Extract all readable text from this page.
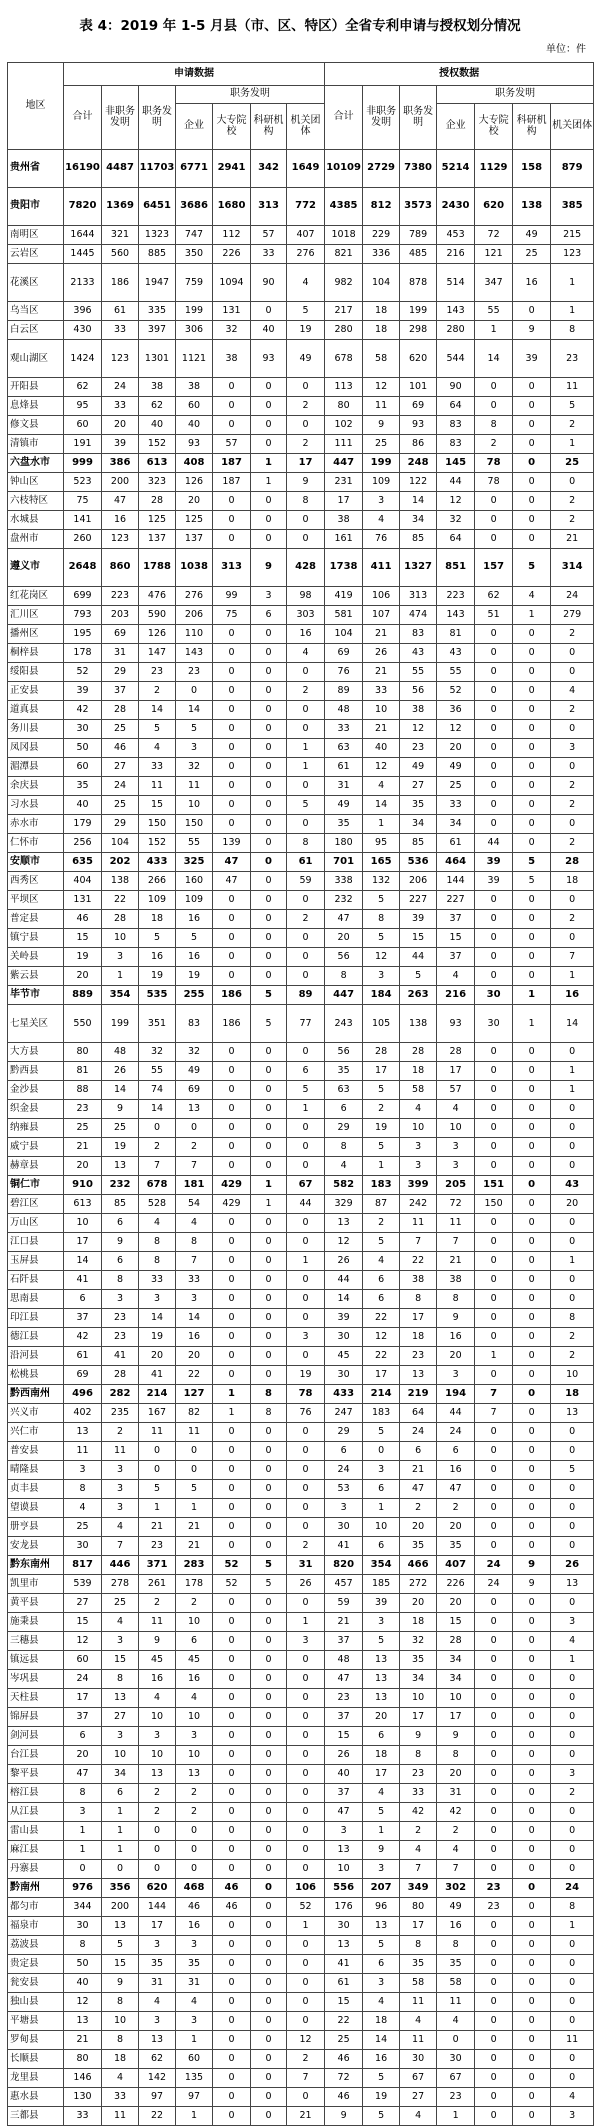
表 4：2019 年 1-5 月县（市、区、特区）全省专利申请与授权划分情况
单位：件
地区	申请数据							授权数据						
	合计	非职务发明	职务发明	职务发明				合计	非职务发明	职务发明	职务发明			
				企业	大专院校	科研机构	机关团体				企业	大专院校	科研机构	机关团体
贵州省	16190	4487	11703	6771	2941	342	1649	10109	2729	7380	5214	1129	158	879
贵阳市	7820	1369	6451	3686	1680	313	772	4385	812	3573	2430	620	138	385
南明区	1644	321	1323	747	112	57	407	1018	229	789	453	72	49	215
云岩区	1445	560	885	350	226	33	276	821	336	485	216	121	25	123
花溪区	2133	186	1947	759	1094	90	4	982	104	878	514	347	16	1
乌当区	396	61	335	199	131	0	5	217	18	199	143	55	0	1
白云区	430	33	397	306	32	40	19	280	18	298	280	1	9	8
观山湖区	1424	123	1301	1121	38	93	49	678	58	620	544	14	39	23
开阳县	62	24	38	38	0	0	0	113	12	101	90	0	0	11
息烽县	95	33	62	60	0	0	2	80	11	69	64	0	0	5
修文县	60	20	40	40	0	0	0	102	9	93	83	8	0	2
清镇市	191	39	152	93	57	0	2	111	25	86	83	2	0	1
六盘水市	999	386	613	408	187	1	17	447	199	248	145	78	0	25
钟山区	523	200	323	126	187	1	9	231	109	122	44	78	0	0
六枝特区	75	47	28	20	0	0	8	17	3	14	12	0	0	2
水城县	141	16	125	125	0	0	0	38	4	34	32	0	0	2
盘州市	260	123	137	137	0	0	0	161	76	85	64	0	0	21
遵义市	2648	860	1788	1038	313	9	428	1738	411	1327	851	157	5	314
红花岗区	699	223	476	276	99	3	98	419	106	313	223	62	4	24
汇川区	793	203	590	206	75	6	303	581	107	474	143	51	1	279
播州区	195	69	126	110	0	0	16	104	21	83	81	0	0	2
桐梓县	178	31	147	143	0	0	4	69	26	43	43	0	0	0
绥阳县	52	29	23	23	0	0	0	76	21	55	55	0	0	0
正安县	39	37	2	0	0	0	2	89	33	56	52	0	0	4
道真县	42	28	14	14	0	0	0	48	10	38	36	0	0	2
务川县	30	25	5	5	0	0	0	33	21	12	12	0	0	0
凤冈县	50	46	4	3	0	0	1	63	40	23	20	0	0	3
湄潭县	60	27	33	32	0	0	1	61	12	49	49	0	0	0
余庆县	35	24	11	11	0	0	0	31	4	27	25	0	0	2
习水县	40	25	15	10	0	0	5	49	14	35	33	0	0	2
赤水市	179	29	150	150	0	0	0	35	1	34	34	0	0	0
仁怀市	256	104	152	55	139	0	8	180	95	85	61	44	0	2
安顺市	635	202	433	325	47	0	61	701	165	536	464	39	5	28
西秀区	404	138	266	160	47	0	59	338	132	206	144	39	5	18
平坝区	131	22	109	109	0	0	0	232	5	227	227	0	0	0
普定县	46	28	18	16	0	0	2	47	8	39	37	0	0	2
镇宁县	15	10	5	5	0	0	0	20	5	15	15	0	0	0
关岭县	19	3	16	16	0	0	0	56	12	44	37	0	0	7
紫云县	20	1	19	19	0	0	0	8	3	5	4	0	0	1
毕节市	889	354	535	255	186	5	89	447	184	263	216	30	1	16
七星关区	550	199	351	83	186	5	77	243	105	138	93	30	1	14
大方县	80	48	32	32	0	0	0	56	28	28	28	0	0	0
黔西县	81	26	55	49	0	0	6	35	17	18	17	0	0	1
金沙县	88	14	74	69	0	0	5	63	5	58	57	0	0	1
织金县	23	9	14	13	0	0	1	6	2	4	4	0	0	0
纳雍县	25	25	0	0	0	0	0	29	19	10	10	0	0	0
威宁县	21	19	2	2	0	0	0	8	5	3	3	0	0	0
赫章县	20	13	7	7	0	0	0	4	1	3	3	0	0	0
铜仁市	910	232	678	181	429	1	67	582	183	399	205	151	0	43
碧江区	613	85	528	54	429	1	44	329	87	242	72	150	0	20
万山区	10	6	4	4	0	0	0	13	2	11	11	0	0	0
江口县	17	9	8	8	0	0	0	12	5	7	7	0	0	0
玉屏县	14	6	8	7	0	0	1	26	4	22	21	0	0	1
石阡县	41	8	33	33	0	0	0	44	6	38	38	0	0	0
思南县	6	3	3	3	0	0	0	14	6	8	8	0	0	0
印江县	37	23	14	14	0	0	0	39	22	17	9	0	0	8
德江县	42	23	19	16	0	0	3	30	12	18	16	0	0	2
沿河县	61	41	20	20	0	0	0	45	22	23	20	1	0	2
松桃县	69	28	41	22	0	0	19	30	17	13	3	0	0	10
黔西南州	496	282	214	127	1	8	78	433	214	219	194	7	0	18
兴义市	402	235	167	82	1	8	76	247	183	64	44	7	0	13
兴仁市	13	2	11	11	0	0	0	29	5	24	24	0	0	0
普安县	11	11	0	0	0	0	0	6	0	6	6	0	0	0
晴隆县	3	3	0	0	0	0	0	24	3	21	16	0	0	5
贞丰县	8	3	5	5	0	0	0	53	6	47	47	0	0	0
望谟县	4	3	1	1	0	0	0	3	1	2	2	0	0	0
册亨县	25	4	21	21	0	0	0	30	10	20	20	0	0	0
安龙县	30	7	23	21	0	0	2	41	6	35	35	0	0	0
黔东南州	817	446	371	283	52	5	31	820	354	466	407	24	9	26
凯里市	539	278	261	178	52	5	26	457	185	272	226	24	9	13
黄平县	27	25	2	2	0	0	0	59	39	20	20	0	0	0
施秉县	15	4	11	10	0	0	1	21	3	18	15	0	0	3
三穗县	12	3	9	6	0	0	3	37	5	32	28	0	0	4
镇远县	60	15	45	45	0	0	0	48	13	35	34	0	0	1
岑巩县	24	8	16	16	0	0	0	47	13	34	34	0	0	0
天柱县	17	13	4	4	0	0	0	23	13	10	10	0	0	0
锦屏县	37	27	10	10	0	0	0	37	20	17	17	0	0	0
剑河县	6	3	3	3	0	0	0	15	6	9	9	0	0	0
台江县	20	10	10	10	0	0	0	26	18	8	8	0	0	0
黎平县	47	34	13	13	0	0	0	40	17	23	20	0	0	3
榕江县	8	6	2	2	0	0	0	37	4	33	31	0	0	2
从江县	3	1	2	2	0	0	0	47	5	42	42	0	0	0
雷山县	1	1	0	0	0	0	0	3	1	2	2	0	0	0
麻江县	1	1	0	0	0	0	0	13	9	4	4	0	0	0
丹寨县	0	0	0	0	0	0	0	10	3	7	7	0	0	0
黔南州	976	356	620	468	46	0	106	556	207	349	302	23	0	24
都匀市	344	200	144	46	46	0	52	176	96	80	49	23	0	8
福泉市	30	13	17	16	0	0	1	30	13	17	16	0	0	1
荔波县	8	5	3	3	0	0	0	13	5	8	8	0	0	0
贵定县	50	15	35	35	0	0	0	41	6	35	35	0	0	0
瓮安县	40	9	31	31	0	0	0	61	3	58	58	0	0	0
独山县	12	8	4	4	0	0	0	15	4	11	11	0	0	0
平塘县	13	10	3	3	0	0	0	22	18	4	4	0	0	0
罗甸县	21	8	13	1	0	0	12	25	14	11	0	0	0	11
长顺县	80	18	62	60	0	0	2	46	16	30	30	0	0	0
龙里县	146	4	142	135	0	0	7	72	5	67	67	0	0	0
惠水县	130	33	97	97	0	0	0	46	19	27	23	0	0	4
三都县	33	11	22	1	0	0	21	9	5	4	1	0	0	3
